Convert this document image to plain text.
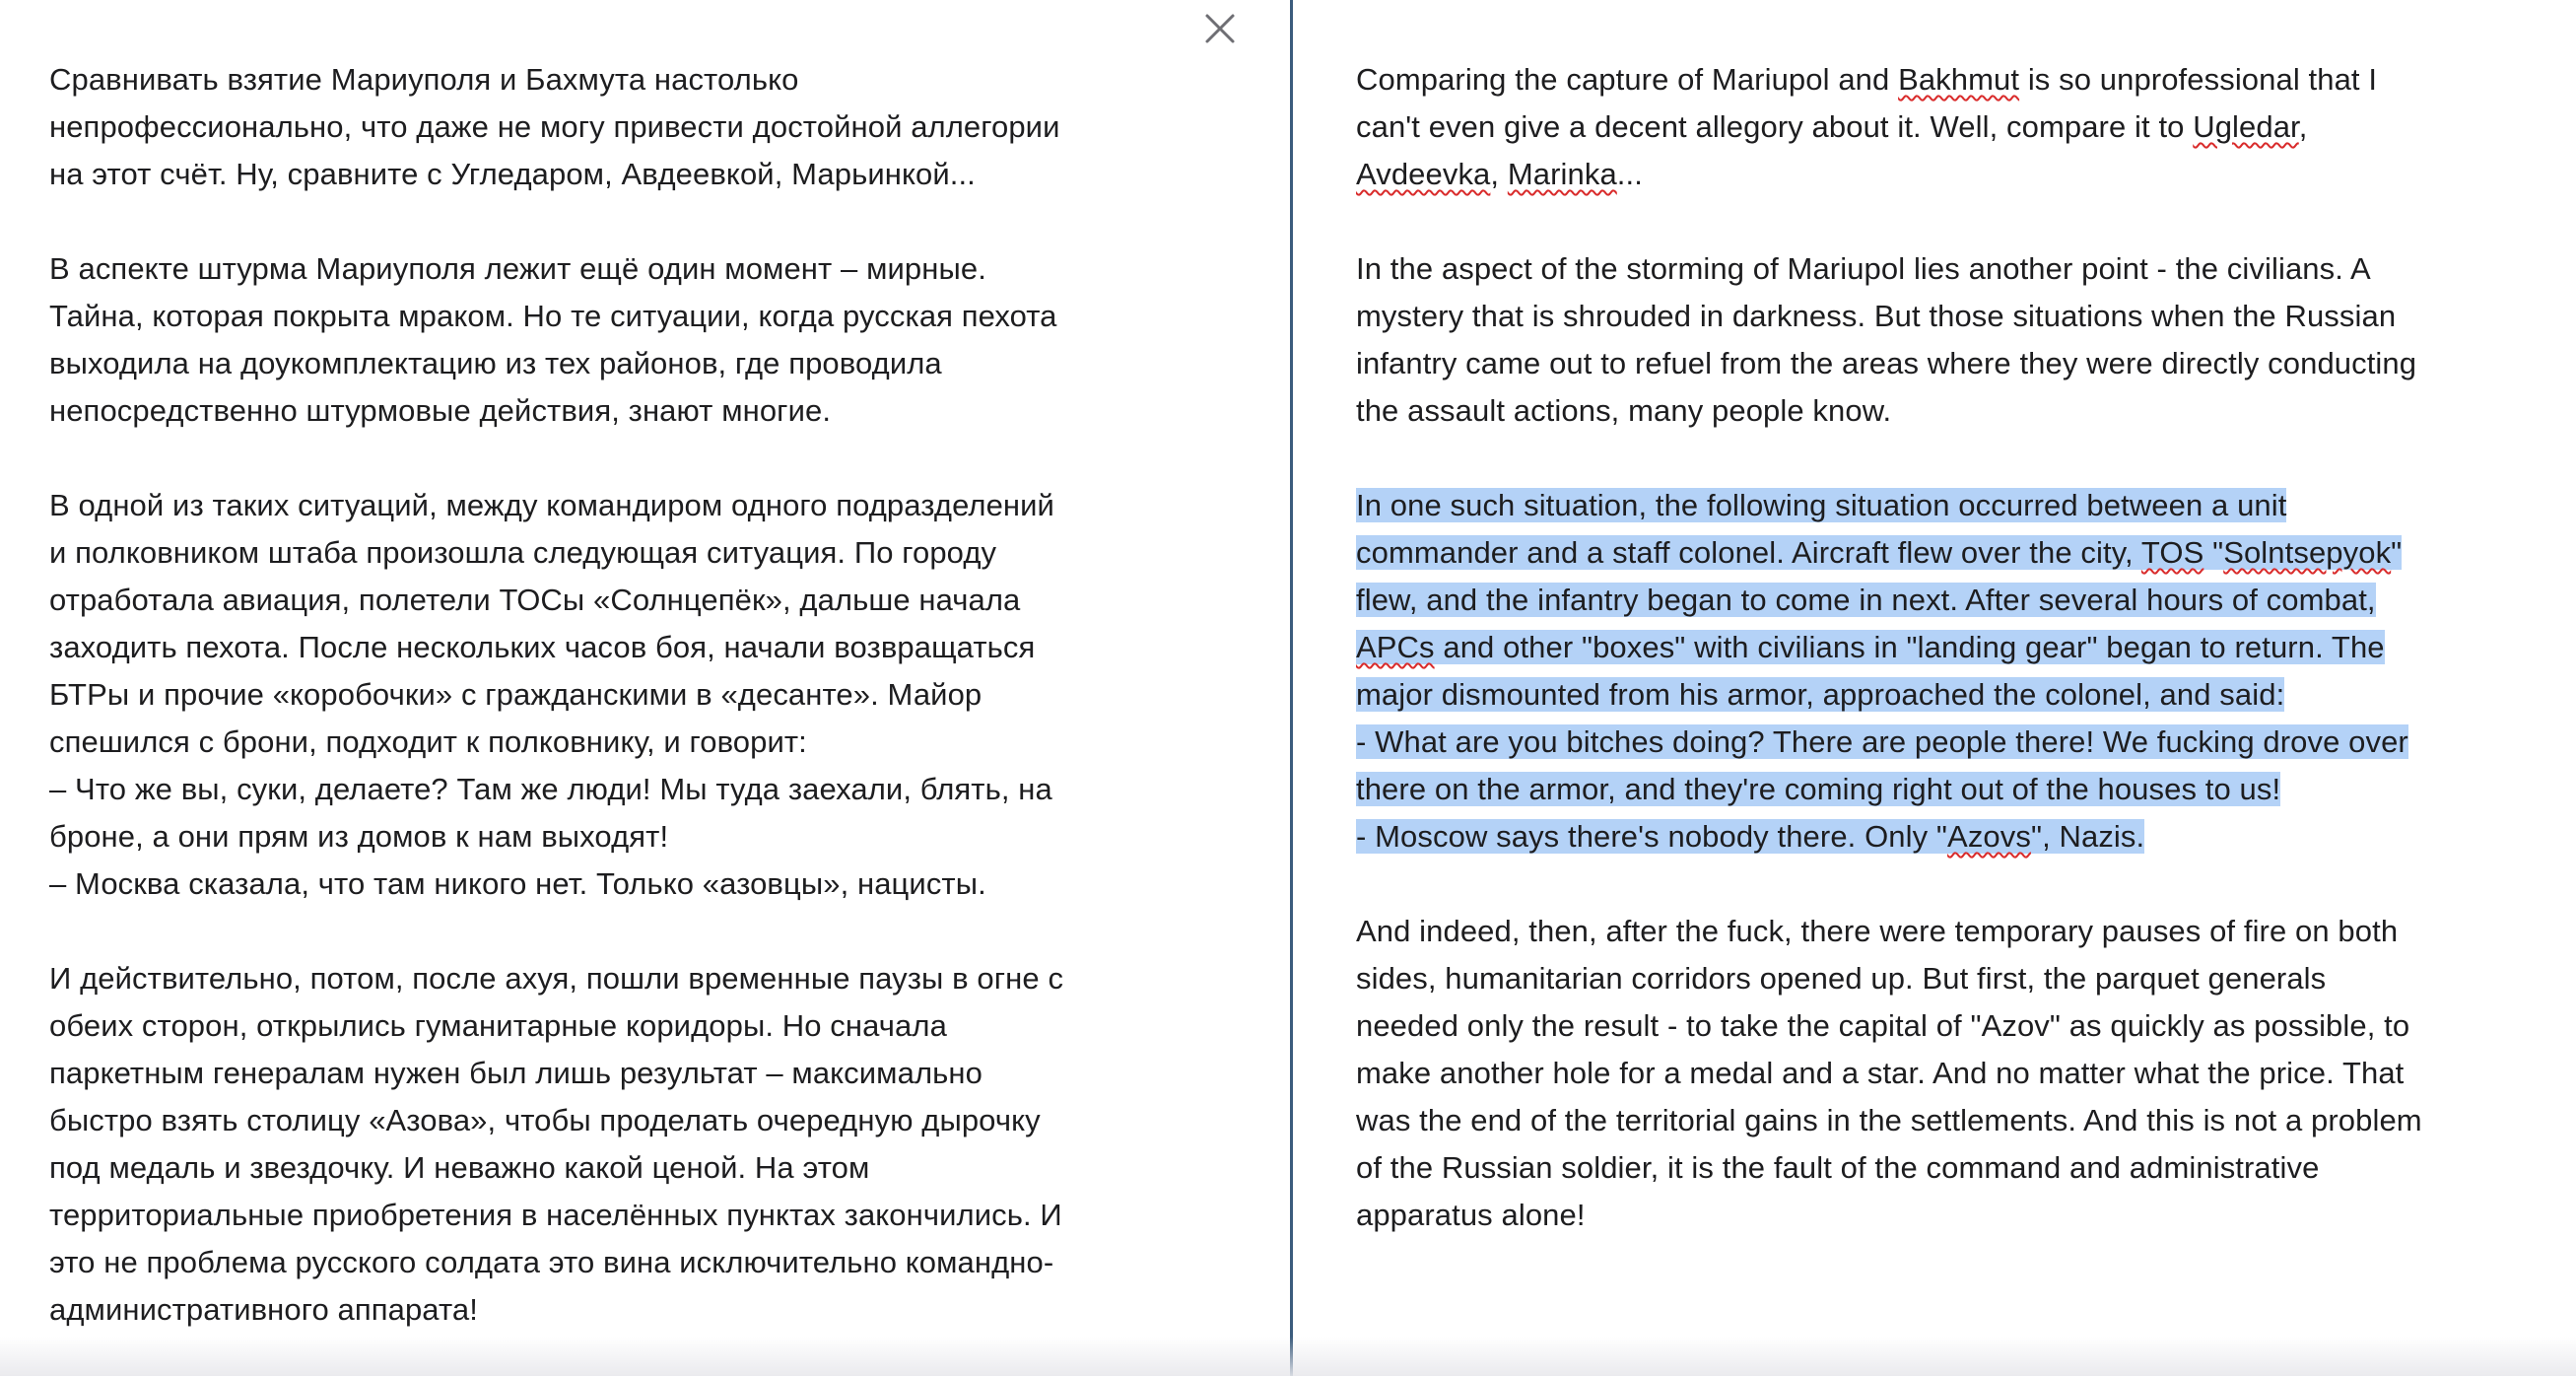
Сравнивать взятие Мариуполя и Бахмута настолько
непрофессионально, что даже не могу привести достойной аллегории
на этот счёт. Ну, сравните с Угледаром, Авдеевкой, Марьинкой...

В аспекте штурма Мариуполя лежит ещё один момент – мирные.
Тайна, которая покрыта мраком. Но те ситуации, когда русская пехота
выходила на доукомплектацию из тех районов, где проводила
непосредственно штурмовые действия, знают многие.

В одной из таких ситуаций, между командиром одного подразделений
и полковником штаба произошла следующая ситуация. По городу
отработала авиация, полетели ТОСы «Солнцепёк», дальше начала
заходить пехота. После нескольких часов боя, начали возвращаться
БТРы и прочие «коробочки» с гражданскими в «десанте». Майор
спешился с брони, подходит к полковнику, и говорит:
– Что же вы, суки, делаете? Там же люди! Мы туда заехали, блять, на
броне, а они прям из домов к нам выходят!
– Москва сказала, что там никого нет. Только «азовцы», нацисты.

И действительно, потом, после ахуя, пошли временные паузы в огне с
обеих сторон, открылись гуманитарные коридоры. Но сначала
паркетным генералам нужен был лишь результат – максимально
быстро взять столицу «Азова», чтобы проделать очередную дырочку
под медаль и звездочку. И неважно какой ценой. На этом
территориальные приобретения в населённых пунктах закончились. И
это не проблема русского солдата это вина исключительно командно-
административного аппарата!

Comparing the capture of Mariupol and Bakhmut is so unprofessional that I
can't even give a decent allegory about it. Well, compare it to Ugledar,
Avdeevka, Marinka...

In the aspect of the storming of Mariupol lies another point - the civilians. A
mystery that is shrouded in darkness. But those situations when the Russian
infantry came out to refuel from the areas where they were directly conducting
the assault actions, many people know.

In one such situation, the following situation occurred between a unit
commander and a staff colonel. Aircraft flew over the city, TOS "Solntsepyok"
flew, and the infantry began to come in next. After several hours of combat,
APCs and other "boxes" with civilians in "landing gear" began to return. The
major dismounted from his armor, approached the colonel, and said:
- What are you bitches doing? There are people there! We fucking drove over
there on the armor, and they're coming right out of the houses to us!
- Moscow says there's nobody there. Only "Azovs", Nazis.

And indeed, then, after the fuck, there were temporary pauses of fire on both
sides, humanitarian corridors opened up. But first, the parquet generals
needed only the result - to take the capital of "Azov" as quickly as possible, to
make another hole for a medal and a star. And no matter what the price. That
was the end of the territorial gains in the settlements. And this is not a problem
of the Russian soldier, it is the fault of the command and administrative
apparatus alone!
